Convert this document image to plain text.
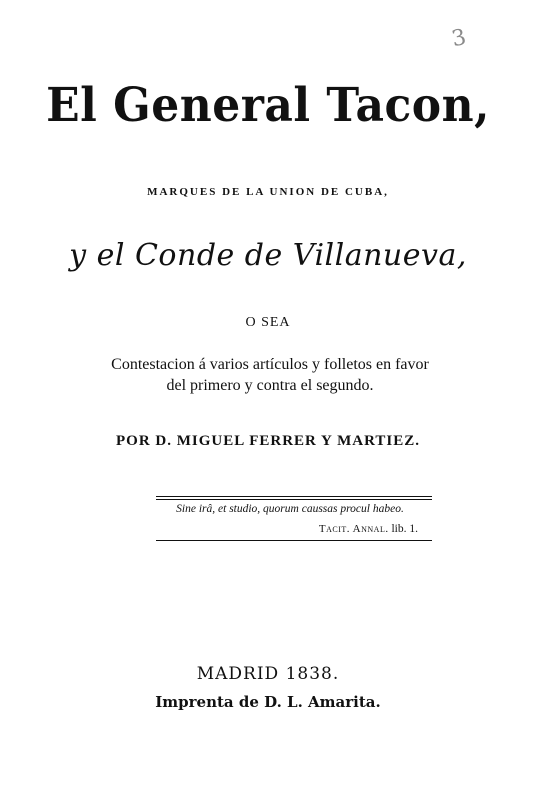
3
El General Tacon,
MARQUES DE LA UNION DE CUBA,
y el Conde de Villanueva,
O SEA
Contestacion á varios artículos y folletos en favor
del primero y contra el segundo.
POR D. MIGUEL FERRER Y MARTIEZ.
Sine irâ, et studio, quorum caussas procul habeo.
Tacit. Annal. lib. 1.
MADRID 1838.
Imprenta de D. L. Amarita.
